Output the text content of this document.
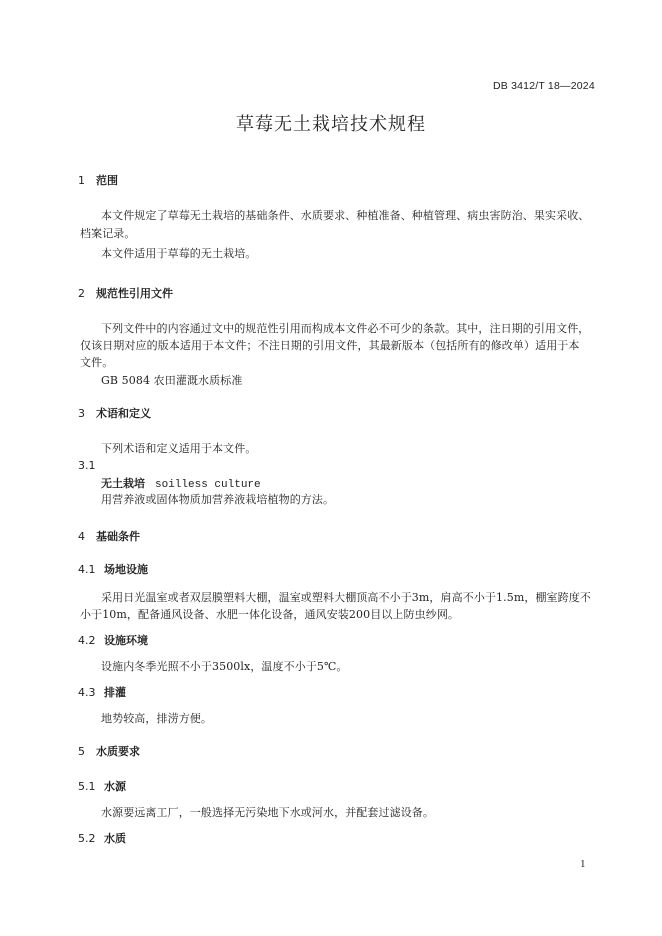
DB 3412/T 18—2024
草莓无土栽培技术规程
1 范围
本文件规定了草莓无土栽培的基础条件、水质要求、种植准备、种植管理、病虫害防治、果实采收、
档案记录。
本文件适用于草莓的无土栽培。
2 规范性引用文件
下列文件中的内容通过文中的规范性引用而构成本文件必不可少的条款。其中，注日期的引用文件，
仅该日期对应的版本适用于本文件；不注日期的引用文件，其最新版本（包括所有的修改单）适用于本
文件。
GB 5084 农田灌溉水质标准
3 术语和定义
下列术语和定义适用于本文件。
3.1
无土栽培 soilless culture
用营养液或固体物质加营养液栽培植物的方法。
4 基础条件
4.1 场地设施
采用日光温室或者双层膜塑料大棚，温室或塑料大棚顶高不小于3m，肩高不小于1.5m，棚室跨度不
小于10m，配备通风设备、水肥一体化设备，通风安装200目以上防虫纱网。
4.2 设施环境
设施内冬季光照不小于3500lx，温度不小于5℃。
4.3 排灌
地势较高，排涝方便。
5 水质要求
5.1 水源
水源要远离工厂，一般选择无污染地下水或河水，并配套过滤设备。
5.2 水质
1
